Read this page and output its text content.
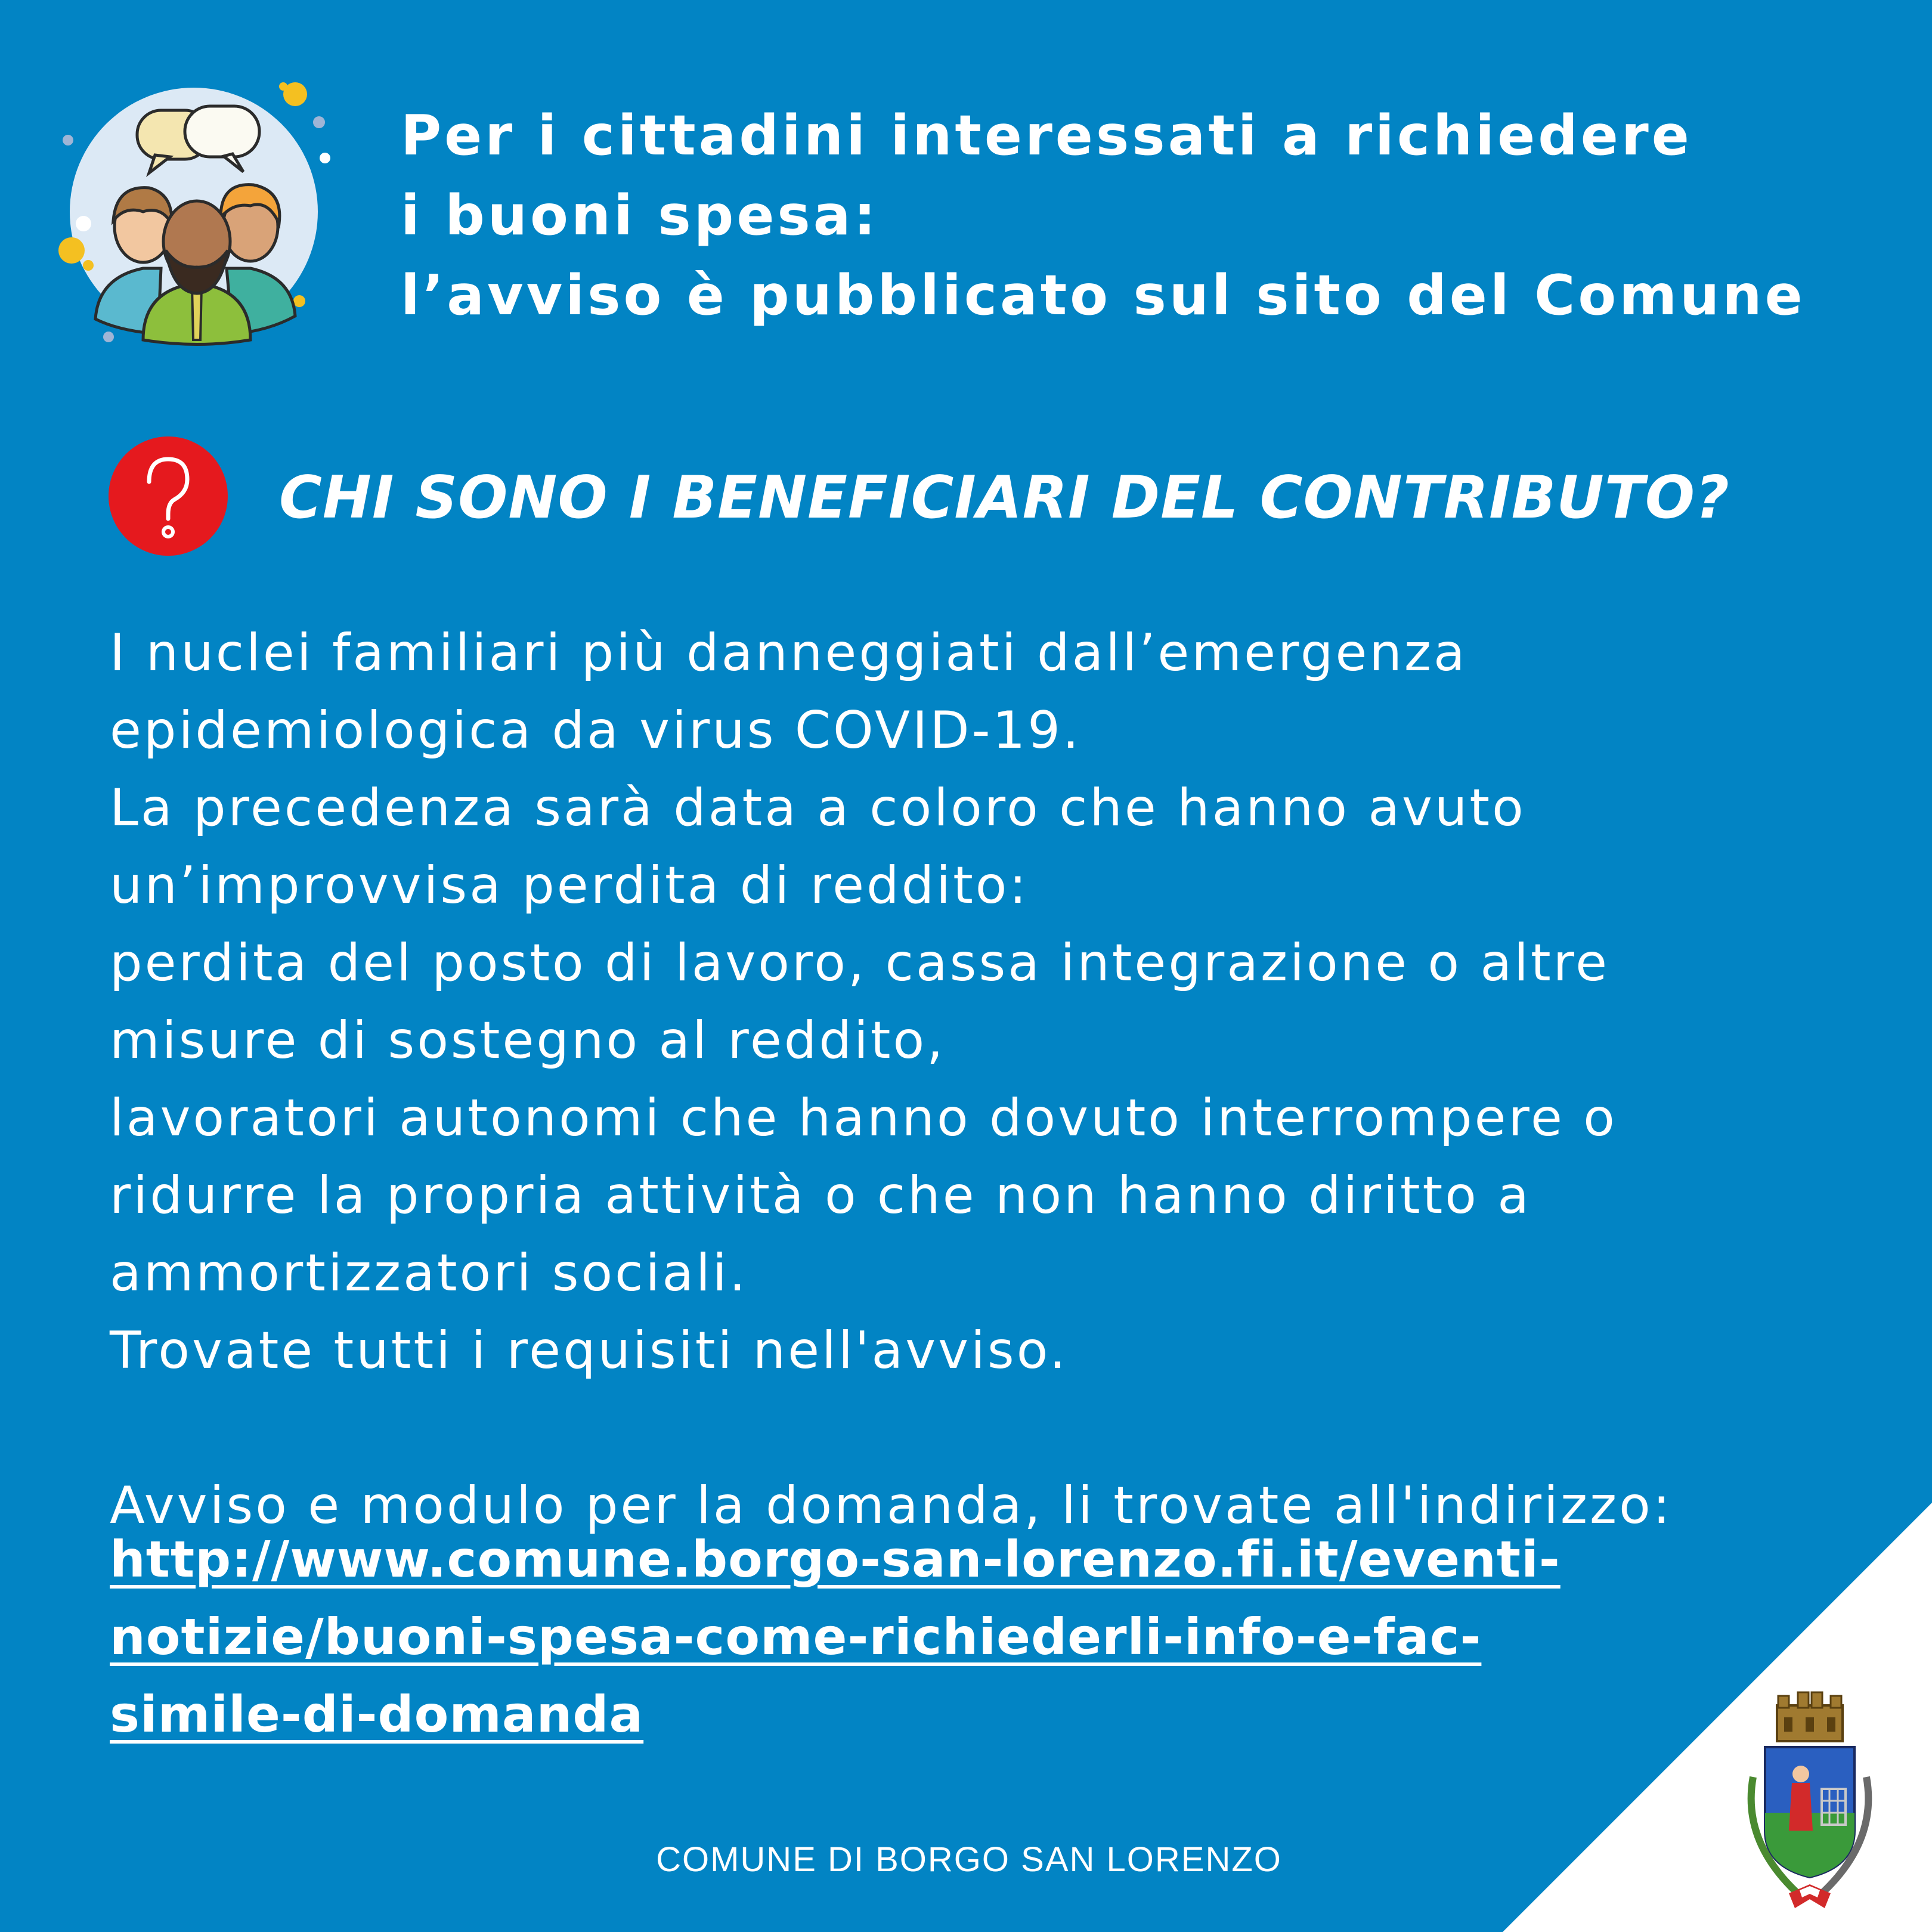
Per i cittadini interessati a richiedere
i buoni spesa:
l’avviso è pubblicato sul sito del Comune
CHI SONO I BENEFICIARI DEL CONTRIBUTO?
I nuclei familiari più danneggiati dall’emergenza
epidemiologica da virus COVID-19.
La precedenza sarà data a coloro che hanno avuto
un’improvvisa perdita di reddito:
perdita del posto di lavoro, cassa integrazione o altre
misure di sostegno al reddito,
lavoratori autonomi che hanno dovuto interrompere o
ridurre la propria attività o che non hanno diritto a
ammortizzatori sociali.
Trovate tutti i requisiti nell'avviso.
Avviso e modulo per la domanda, li trovate all'indirizzo:
http://www.comune.borgo-san-lorenzo.fi.it/eventi-
notizie/buoni-spesa-come-richiederli-info-e-fac-
simile-di-domanda
COMUNE DI BORGO SAN LORENZO
